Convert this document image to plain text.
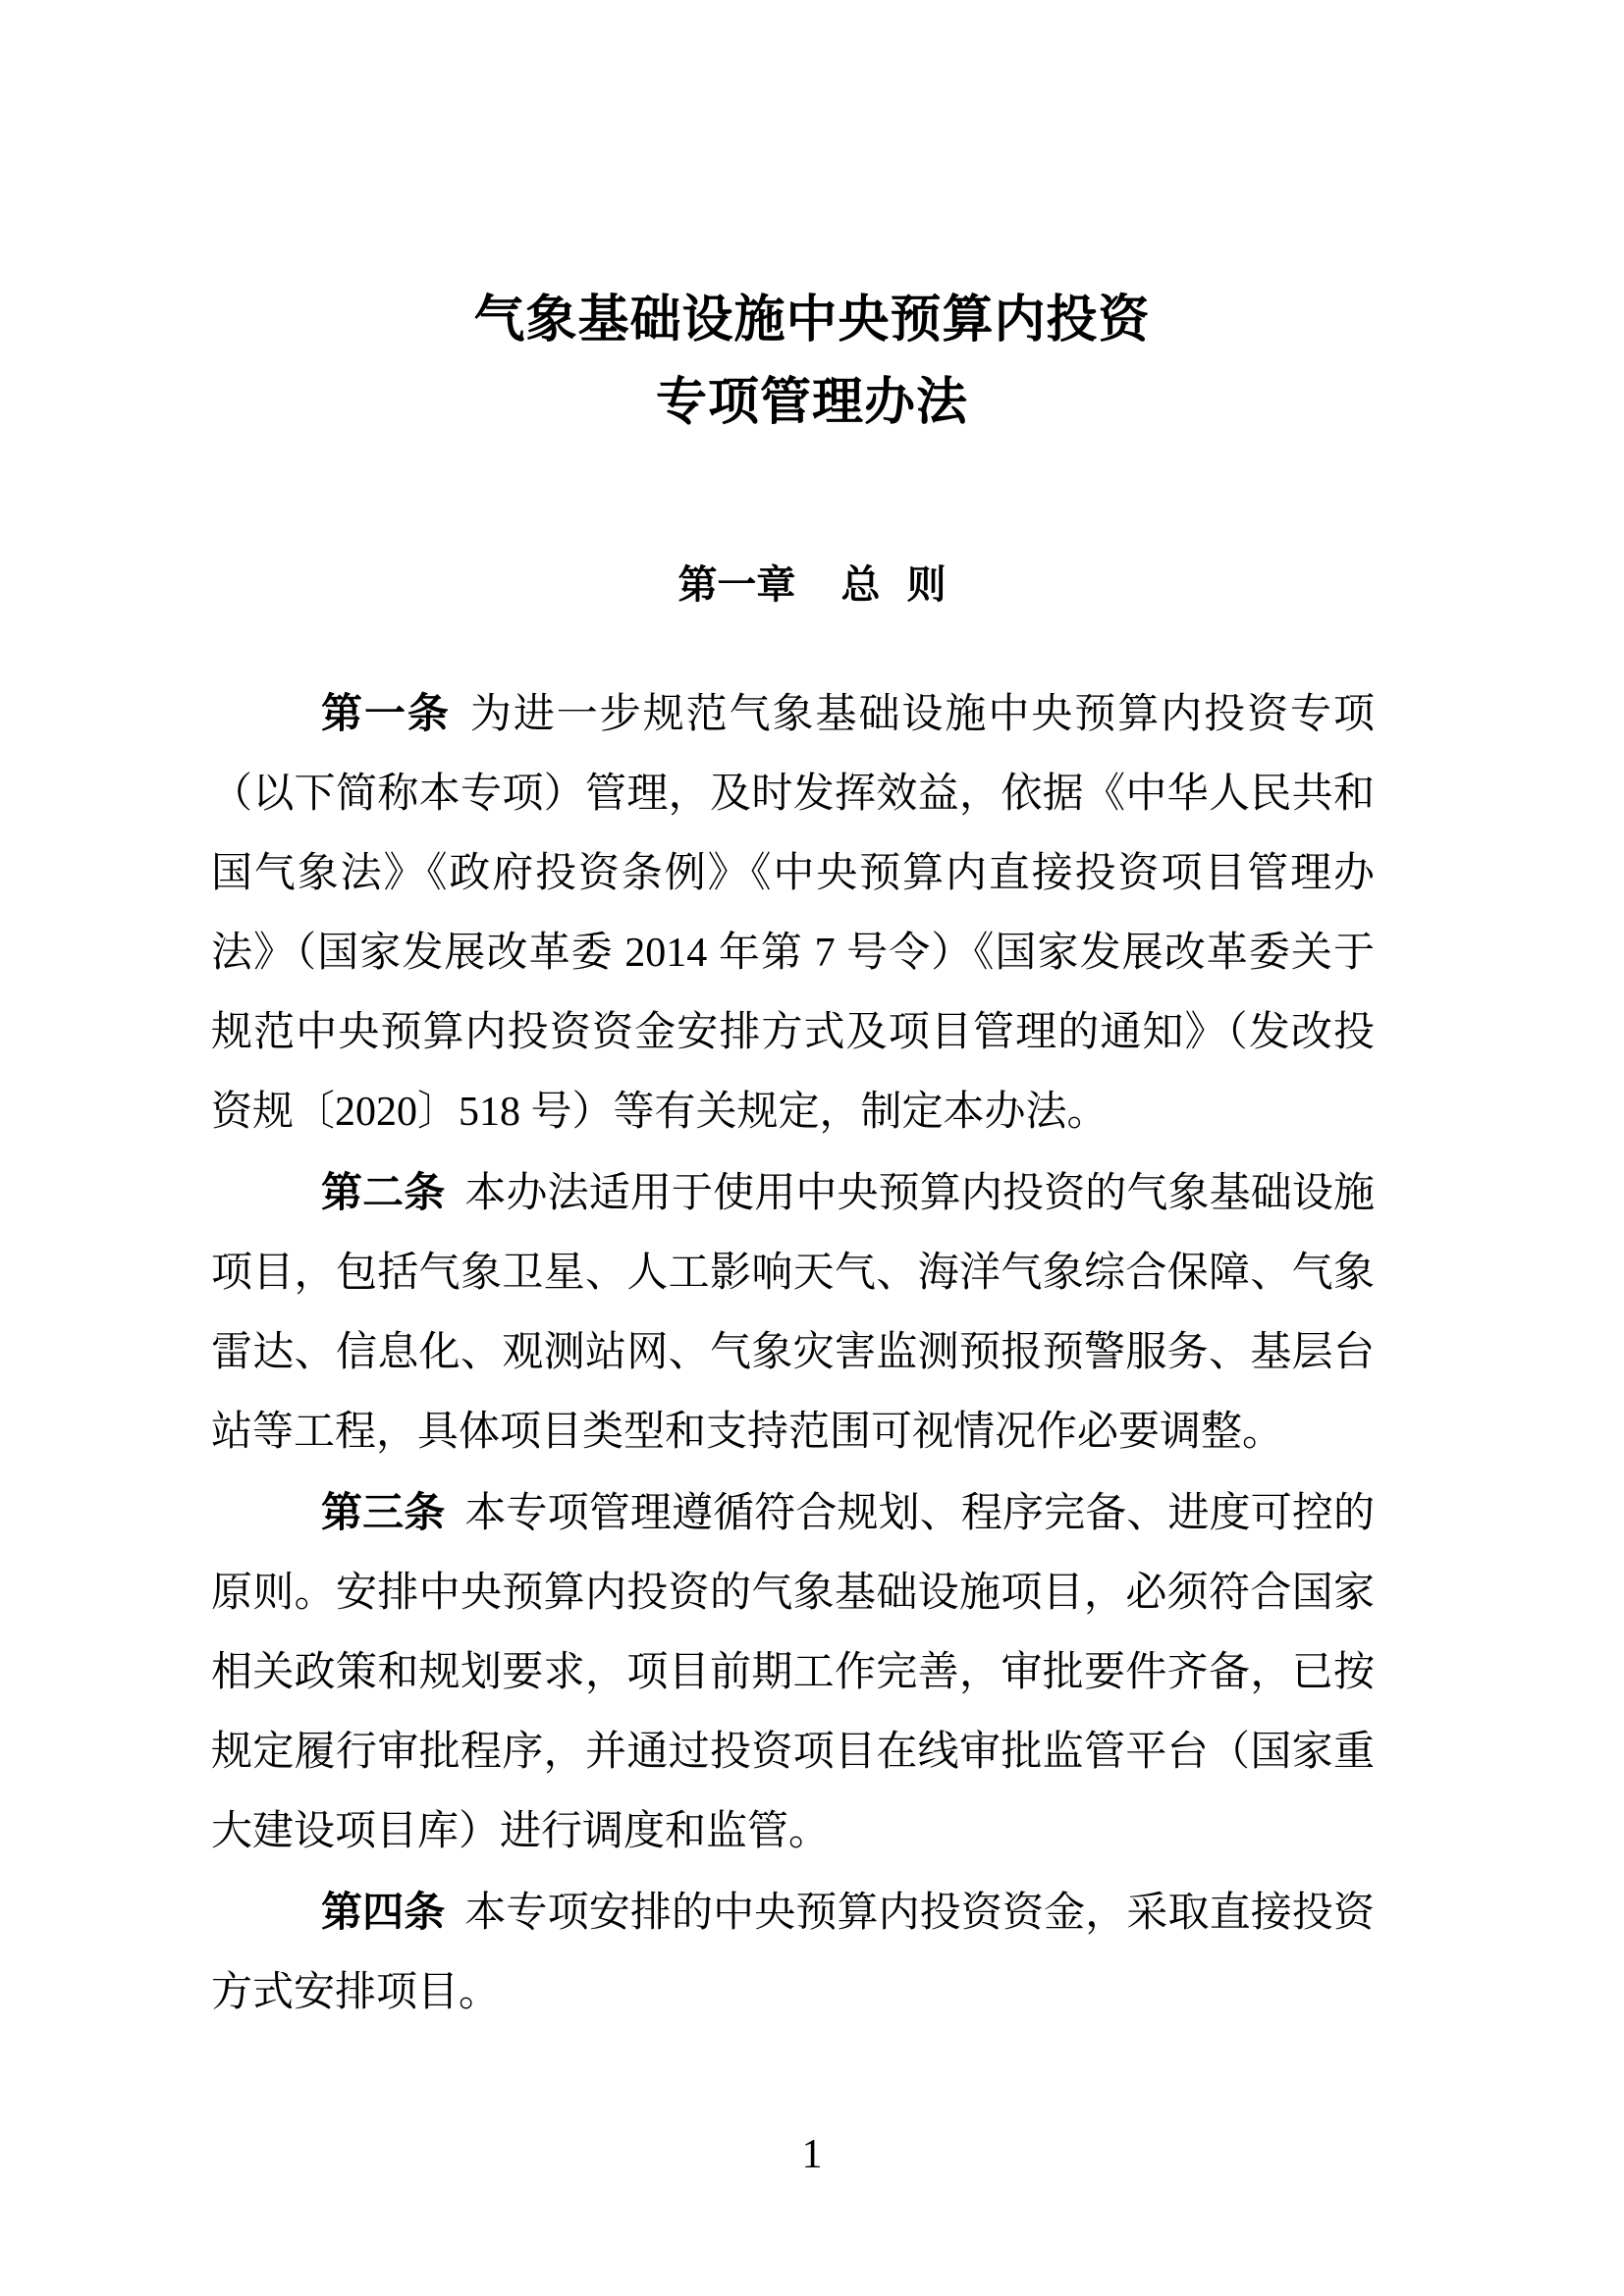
气象基础设施中央预算内投资
专项管理办法
第一章 总 则

第一条 为进一步规范气象基础设施中央预算内投资专项（以下简称本专项）管理，及时发挥效益，依据《中华人民共和国气象法》《政府投资条例》《中央预算内直接投资项目管理办法》（国家发展改革委 2014 年第 7 号令）《国家发展改革委关于规范中央预算内投资资金安排方式及项目管理的通知》（发改投资规〔2020〕518 号）等有关规定，制定本办法。

第二条 本办法适用于使用中央预算内投资的气象基础设施项目，包括气象卫星、人工影响天气、海洋气象综合保障、气象雷达、信息化、观测站网、气象灾害监测预报预警服务、基层台站等工程，具体项目类型和支持范围可视情况作必要调整。

第三条 本专项管理遵循符合规划、程序完备、进度可控的原则。安排中央预算内投资的气象基础设施项目，必须符合国家相关政策和规划要求，项目前期工作完善，审批要件齐备，已按规定履行审批程序，并通过投资项目在线审批监管平台（国家重大建设项目库）进行调度和监管。

第四条 本专项安排的中央预算内投资资金，采取直接投资方式安排项目。

1
